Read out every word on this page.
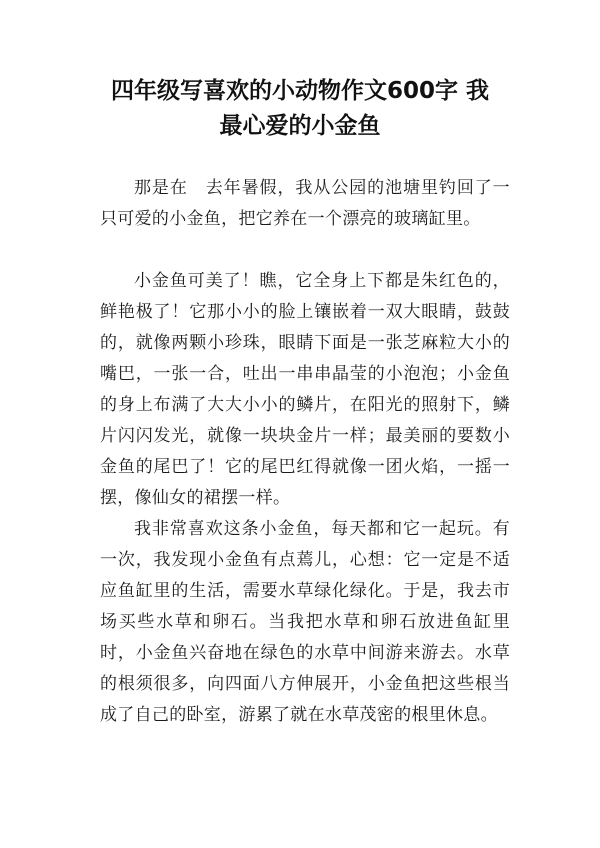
四年级写喜欢的小动物作文600字 我
最心爱的小金鱼

那是在　去年暑假，我从公园的池塘里钓回了一只可爱的小金鱼，把它养在一个漂亮的玻璃缸里。

小金鱼可美了！瞧，它全身上下都是朱红色的，鲜艳极了！它那小小的脸上镶嵌着一双大眼睛，鼓鼓的，就像两颗小珍珠，眼睛下面是一张芝麻粒大小的嘴巴，一张一合，吐出一串串晶莹的小泡泡；小金鱼的身上布满了大大小小的鳞片，在阳光的照射下，鳞片闪闪发光，就像一块块金片一样；最美丽的要数小金鱼的尾巴了！它的尾巴红得就像一团火焰，一摇一摆，像仙女的裙摆一样。

我非常喜欢这条小金鱼，每天都和它一起玩。有一次，我发现小金鱼有点蔫儿，心想：它一定是不适应鱼缸里的生活，需要水草绿化绿化。于是，我去市场买些水草和卵石。当我把水草和卵石放进鱼缸里时，小金鱼兴奋地在绿色的水草中间游来游去。水草的根须很多，向四面八方伸展开，小金鱼把这些根当成了自己的卧室，游累了就在水草茂密的根里休息。
